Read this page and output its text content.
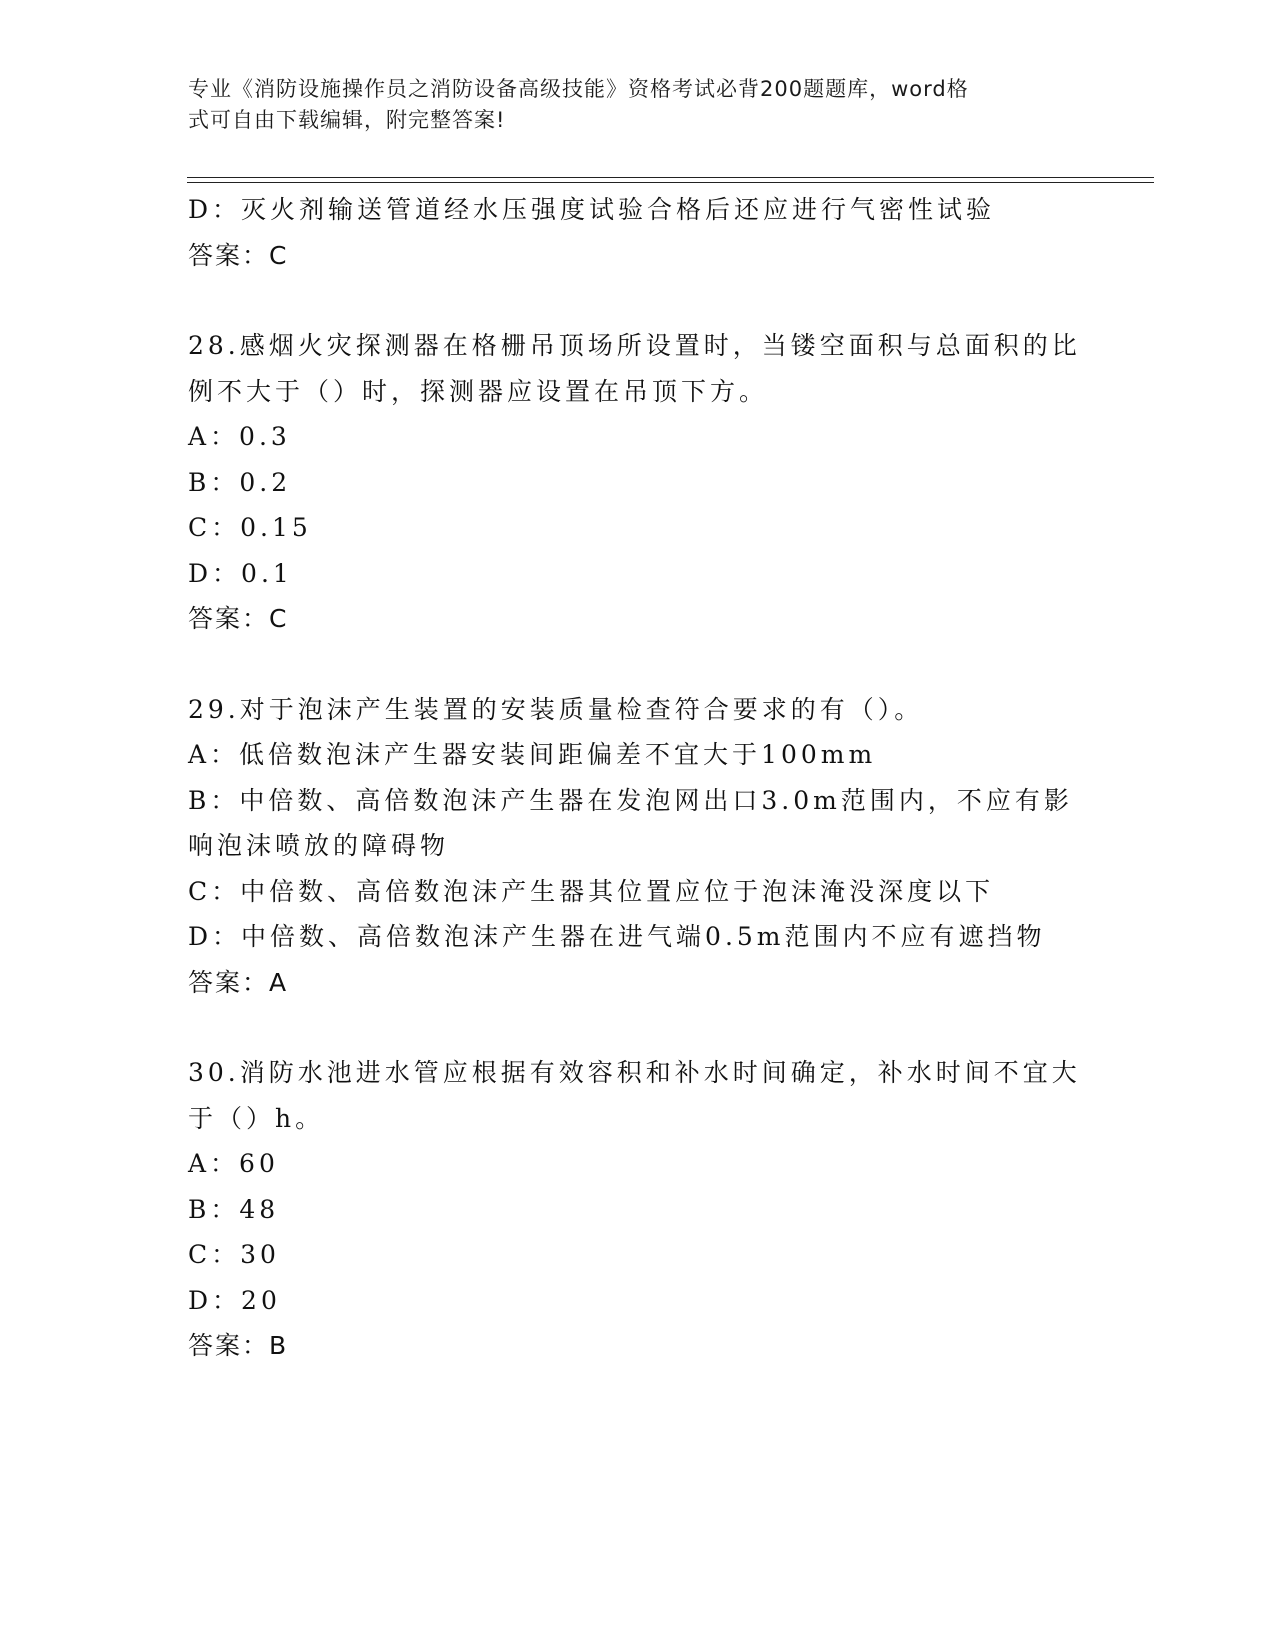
专业《消防设施操作员之消防设备高级技能》资格考试必背200题题库，word格
式可自由下载编辑，附完整答案!
D：灭火剂输送管道经水压强度试验合格后还应进行气密性试验
答案：C
28.感烟火灾探测器在格栅吊顶场所设置时，当镂空面积与总面积的比
例不大于（）时，探测器应设置在吊顶下方。
A：0.3
B：0.2
C：0.15
D：0.1
答案：C
29.对于泡沫产生装置的安装质量检查符合要求的有（）。
A：低倍数泡沫产生器安装间距偏差不宜大于100mm
B：中倍数、高倍数泡沫产生器在发泡网出口3.0m范围内，不应有影
响泡沫喷放的障碍物
C：中倍数、高倍数泡沫产生器其位置应位于泡沫淹没深度以下
D：中倍数、高倍数泡沫产生器在进气端0.5m范围内不应有遮挡物
答案：A
30.消防水池进水管应根据有效容积和补水时间确定，补水时间不宜大
于（）h。
A：60
B：48
C：30
D：20
答案：B
